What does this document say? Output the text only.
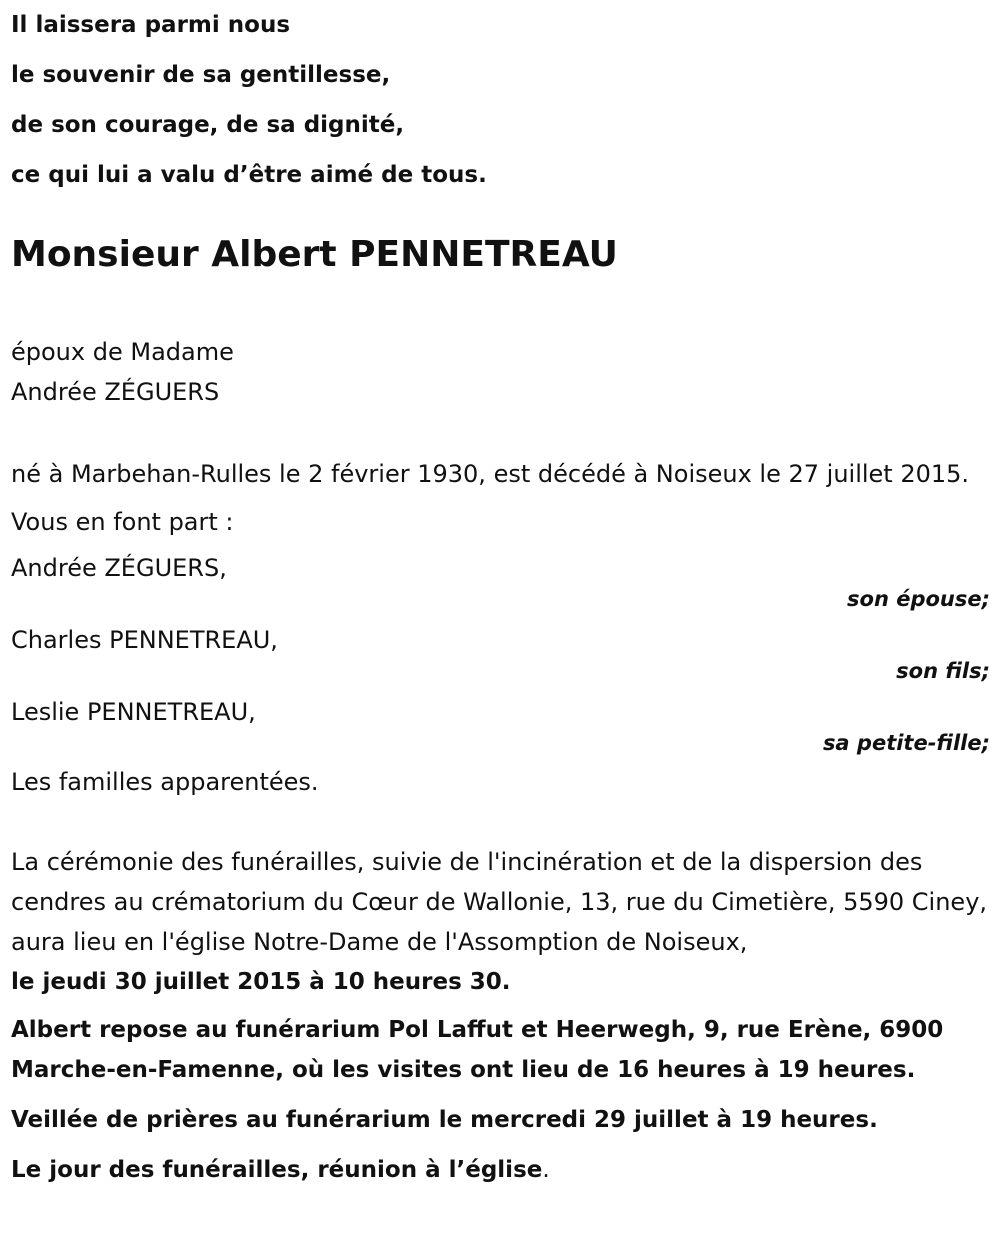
Il laissera parmi nous
le souvenir de sa gentillesse,
de son courage, de sa dignité,
ce qui lui a valu d’être aimé de tous.
Monsieur Albert PENNETREAU
époux de Madame
Andrée ZÉGUERS
né à Marbehan-Rulles le 2 février 1930, est décédé à Noiseux le 27 juillet 2015.
Vous en font part :
Andrée ZÉGUERS,
son épouse;
Charles PENNETREAU,
son fils;
Leslie PENNETREAU,
sa petite-fille;
Les familles apparentées.
La cérémonie des funérailles, suivie de l'incinération et de la dispersion des cendres au crématorium du Cœur de Wallonie, 13, rue du Cimetière, 5590 Ciney, aura lieu en l'église Notre-Dame de l'Assomption de Noiseux,
le jeudi 30 juillet 2015 à 10 heures 30.
Albert repose au funérarium Pol Laffut et Heerwegh, 9, rue Erène, 6900 Marche-en-Famenne, où les visites ont lieu de 16 heures à 19 heures.
Veillée de prières au funérarium le mercredi 29 juillet à 19 heures.
Le jour des funérailles, réunion à l’église.
